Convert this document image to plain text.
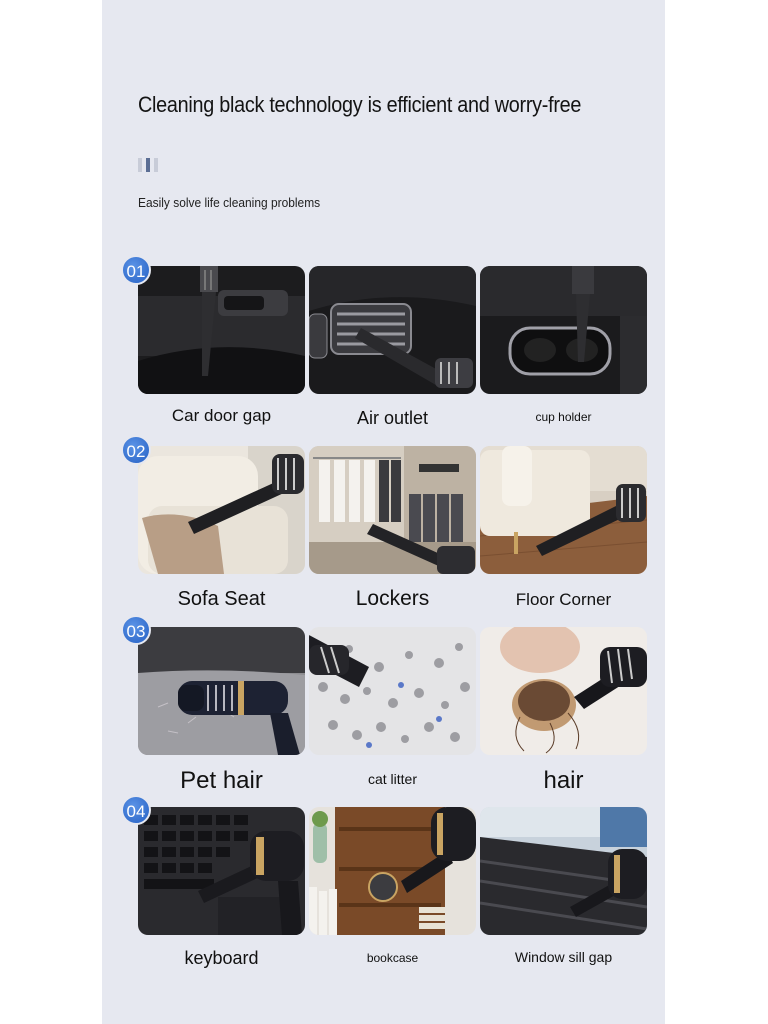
Cleaning black technology is efficient and worry-free
Easily solve life cleaning problems
01
Car door gap	Air outlet	cup holder
02
Sofa Seat	Lockers	Floor Corner
03
Pet hair	cat litter	hair
04
keyboard	bookcase	Window sill gap
